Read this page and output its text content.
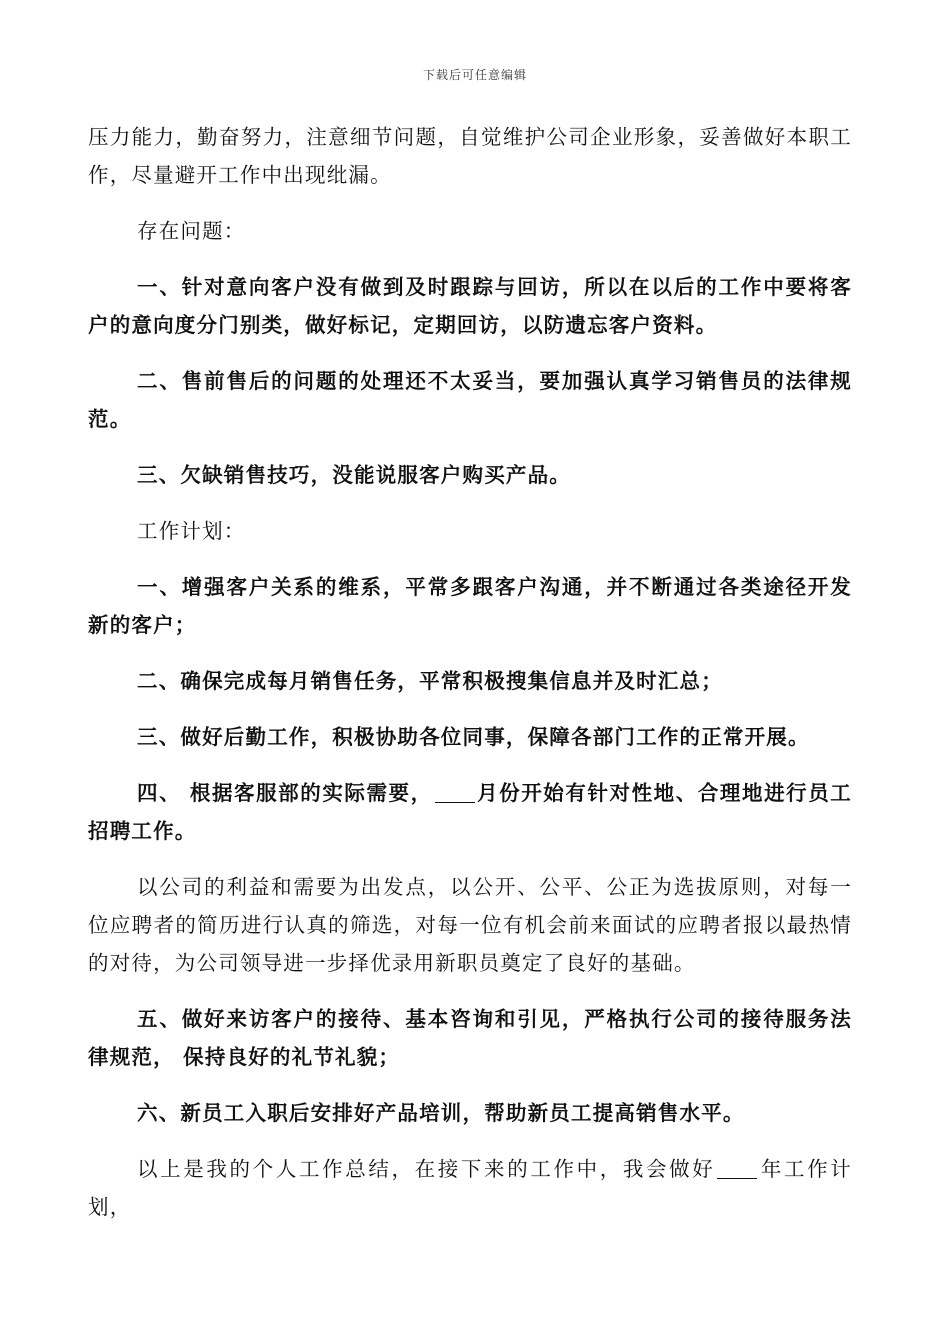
下载后可任意编辑

压力能力，勤奋努力，注意细节问题，自觉维护公司企业形象，妥善做好本职工作，尽量避开工作中出现纰漏。

存在问题：

一、针对意向客户没有做到及时跟踪与回访，所以在以后的工作中要将客户的意向度分门别类，做好标记，定期回访，以防遗忘客户资料。

二、售前售后的问题的处理还不太妥当，要加强认真学习销售员的法律规范。

三、欠缺销售技巧，没能说服客户购买产品。

工作计划：

一、增强客户关系的维系，平常多跟客户沟通，并不断通过各类途径开发新的客户；

二、确保完成每月销售任务，平常积极搜集信息并及时汇总；

三、做好后勤工作，积极协助各位同事，保障各部门工作的正常开展。

四、 根据客服部的实际需要， 月份开始有针对性地、合理地进行员工招聘工作。

以公司的利益和需要为出发点，以公开、公平、公正为选拔原则，对每一位应聘者的简历进行认真的筛选，对每一位有机会前来面试的应聘者报以最热情的对待，为公司领导进一步择优录用新职员奠定了良好的基础。

五、做好来访客户的接待、基本咨询和引见，严格执行公司的接待服务法律规范， 保持良好的礼节礼貌；

六、新员工入职后安排好产品培训，帮助新员工提高销售水平。

以上是我的个人工作总结，在接下来的工作中，我会做好 年工作计划，
